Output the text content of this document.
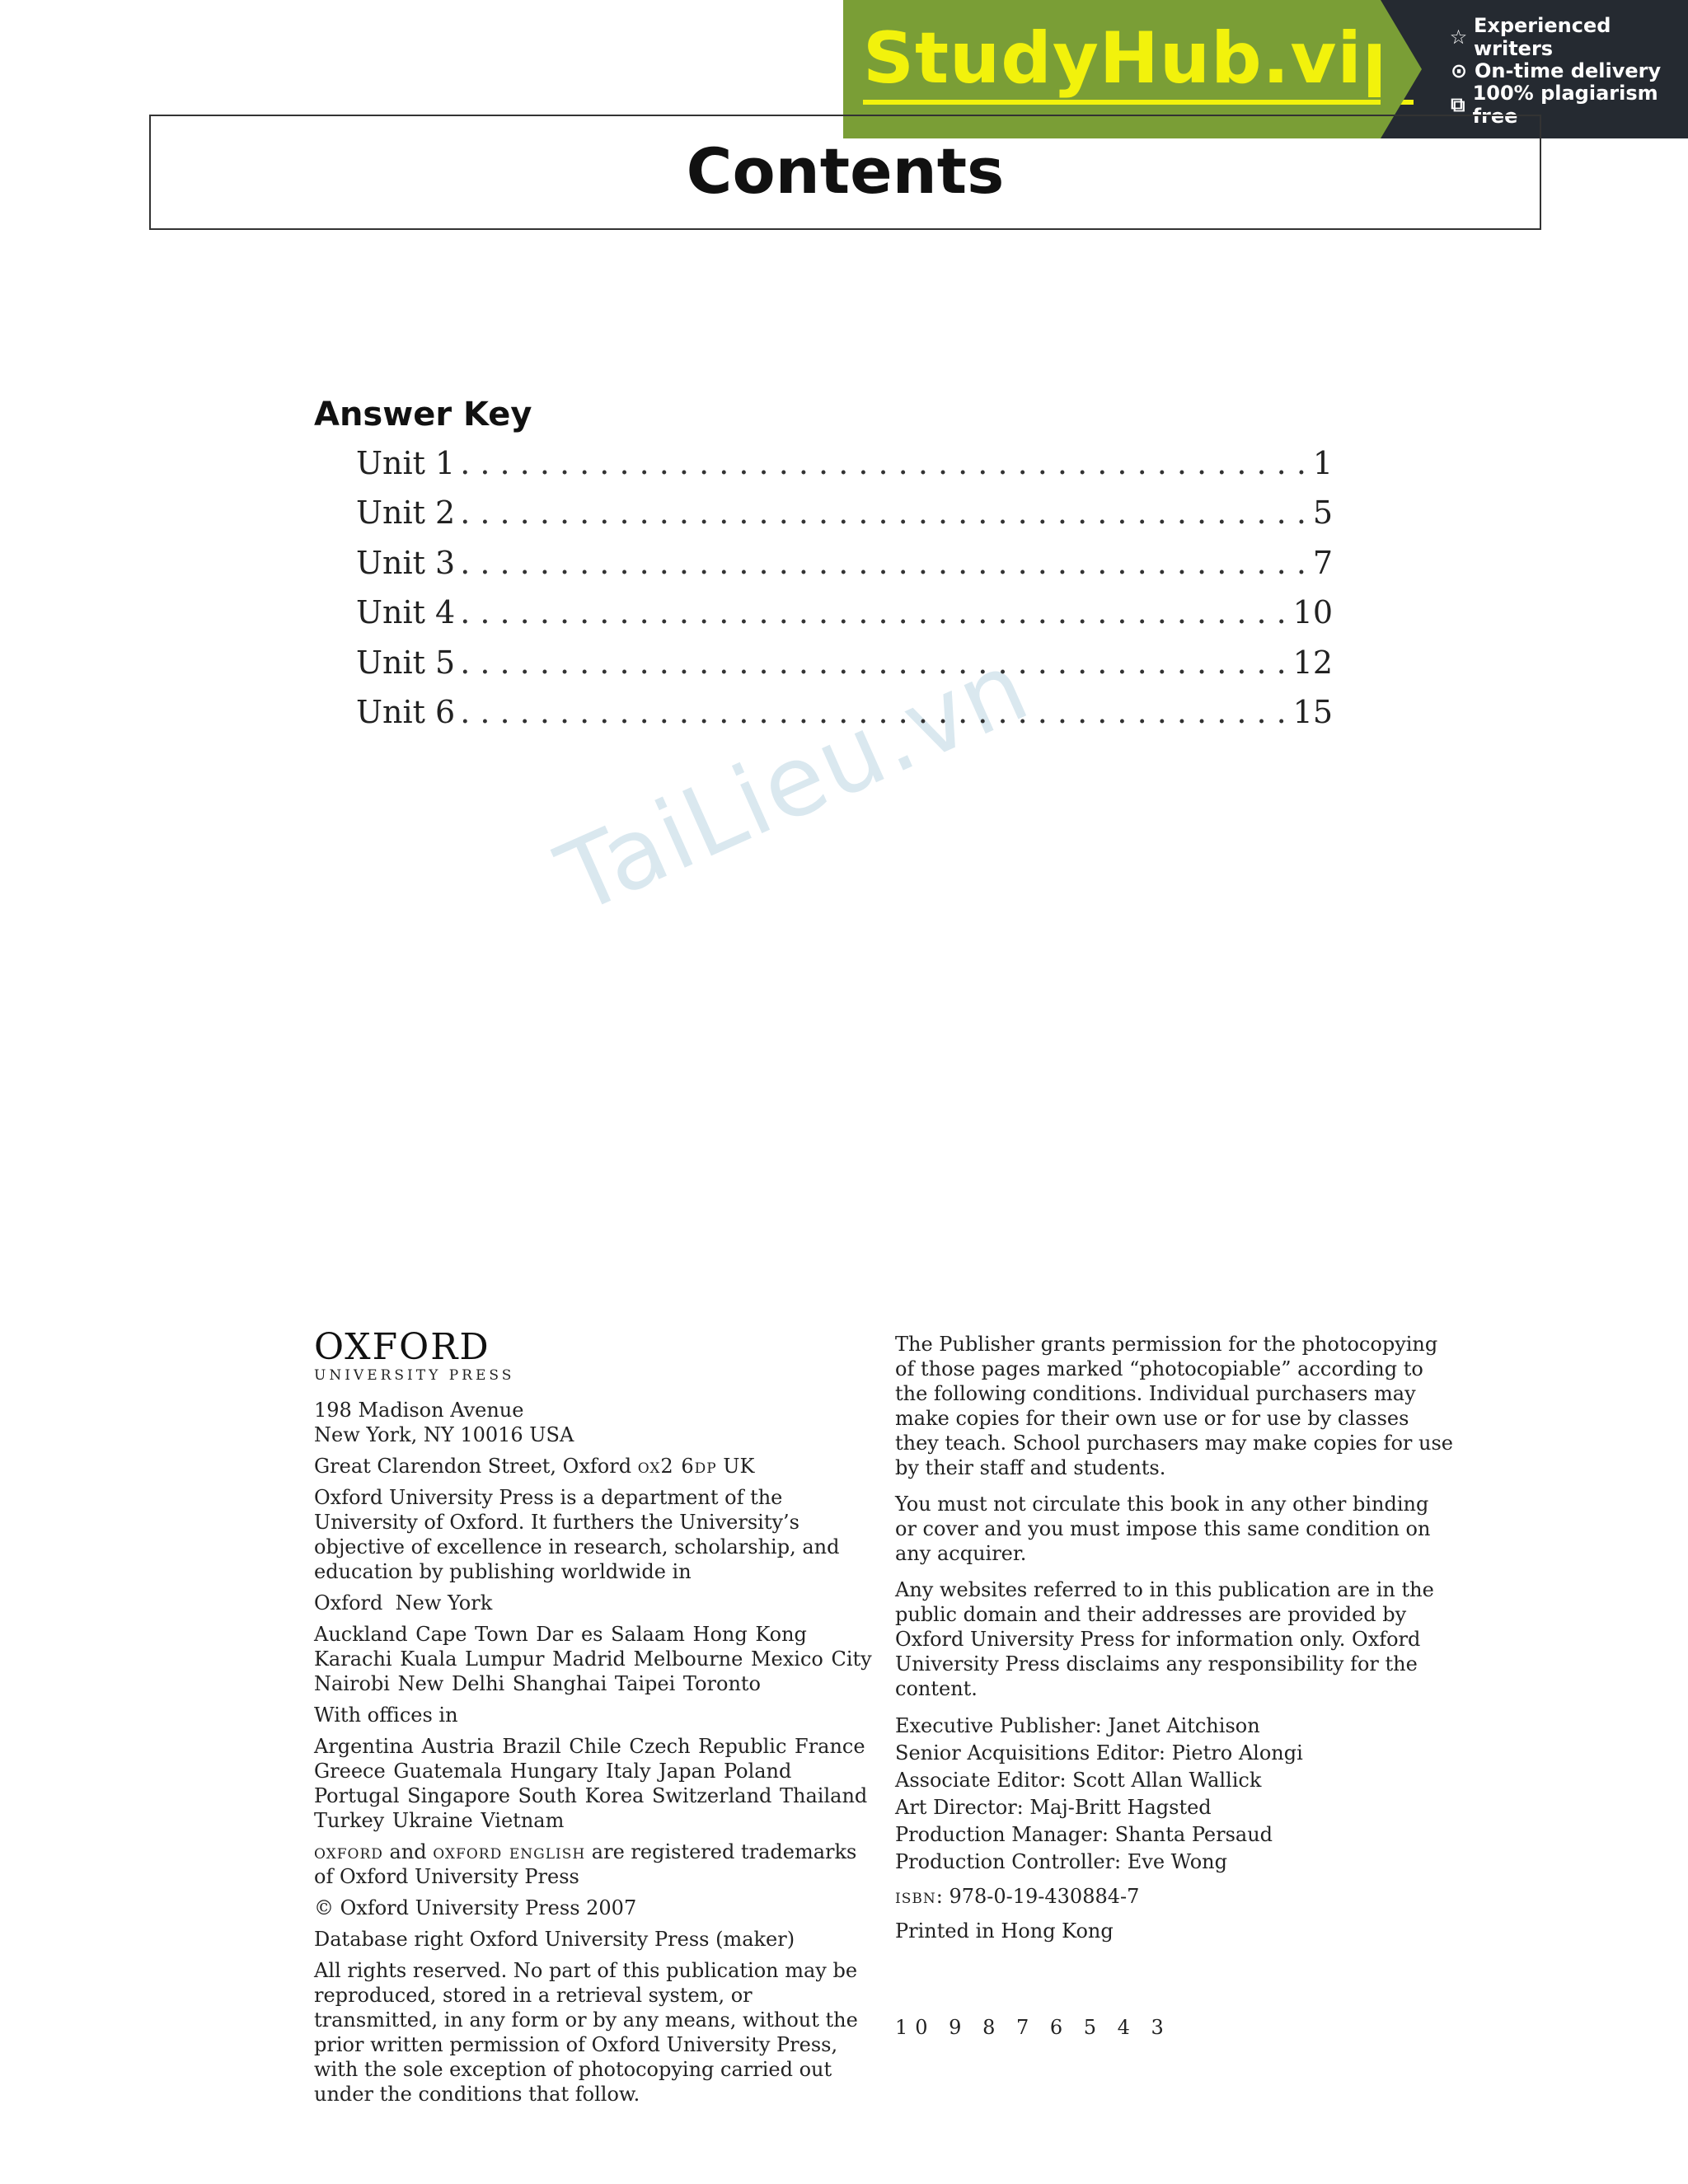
StudyHub.vip ☆ Experienced writers
⊙ On-time delivery
⧉ 100% plagiarism free
Contents
TaiLieu.vn
Answer Key
Unit 1 . . .	1
Unit 2 . . .	5
Unit 3 . . .	7
Unit 4 . . .	10
Unit 5 . . .	12
Unit 6 . . .	15
OXFORD
UNIVERSITY PRESS

198 Madison Avenue
New York, NY 10016 USA

Great Clarendon Street, Oxford ox2 6dp UK

Oxford University Press is a department of the University of Oxford. It furthers the University’s objective of excellence in research, scholarship, and education by publishing worldwide in

Oxford  New York

Auckland Cape Town Dar es Salaam Hong Kong Karachi Kuala Lumpur Madrid Melbourne Mexico City Nairobi New Delhi Shanghai Taipei Toronto

With offices in

Argentina Austria Brazil Chile Czech Republic France Greece Guatemala Hungary Italy Japan Poland Portugal Singapore South Korea Switzerland Thailand Turkey Ukraine Vietnam

oxford and oxford english are registered trademarks of Oxford University Press

© Oxford University Press 2007

Database right Oxford University Press (maker)

All rights reserved. No part of this publication may be reproduced, stored in a retrieval system, or transmitted, in any form or by any means, without the prior written permission of Oxford University Press, with the sole exception of photocopying carried out under the conditions that follow.

The Publisher grants permission for the photocopying of those pages marked “photocopiable” according to the following conditions. Individual purchasers may make copies for their own use or for use by classes they teach. School purchasers may make copies for use by their staff and students.

You must not circulate this book in any other binding or cover and you must impose this same condition on any acquirer.

Any websites referred to in this publication are in the public domain and their addresses are provided by Oxford University Press for information only. Oxford University Press disclaims any responsibility for the content.

Executive Publisher: Janet Aitchison
Senior Acquisitions Editor: Pietro Alongi
Associate Editor: Scott Allan Wallick
Art Director: Maj-Britt Hagsted
Production Manager: Shanta Persaud
Production Controller: Eve Wong

isbn: 978-0-19-430884-7

Printed in Hong Kong

10 9 8 7 6 5 4 3
